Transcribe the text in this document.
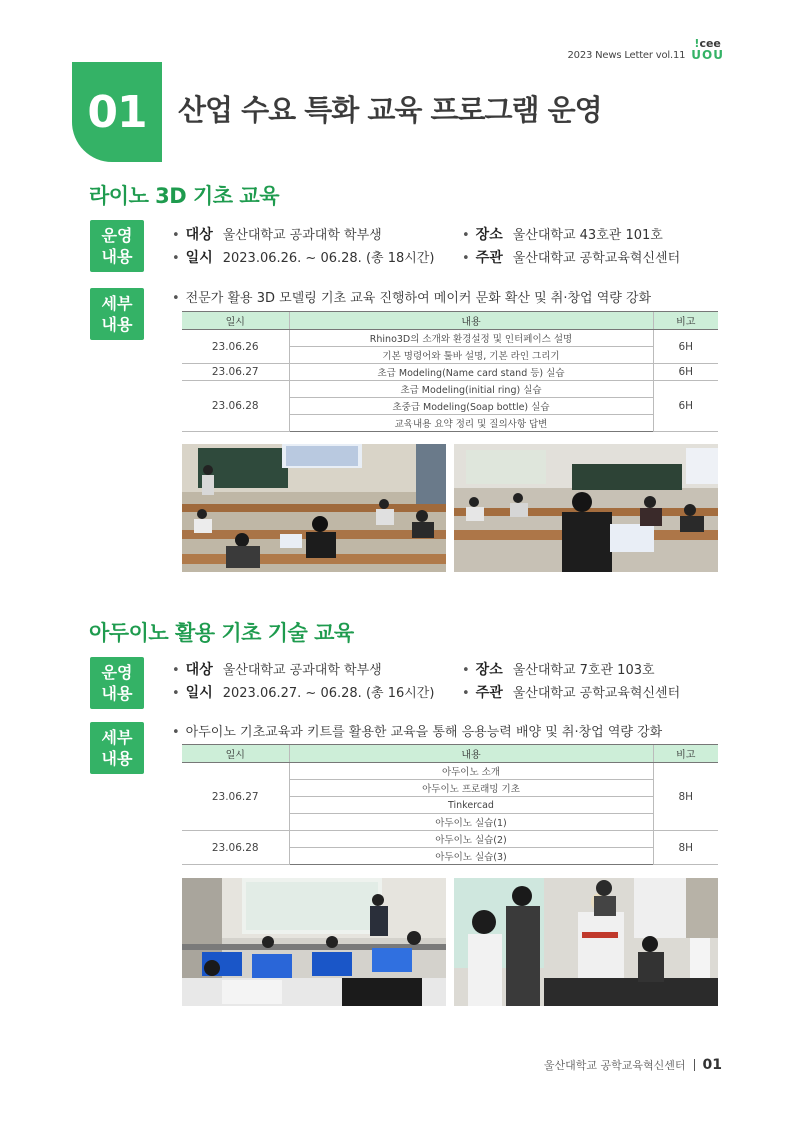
2023 News Letter vol.11
!cee
UOU
01	산업 수요 특화 교육 프로그램 운영
라이노 3D 기초 교육
운영
내용
• 대상 울산대학교 공과대학 학부생
• 일시 2023.06.26. ~ 06.28. (총 18시간)
• 장소 울산대학교 43호관 101호
• 주관 울산대학교 공학교육혁신센터
세부
내용
• 전문가 활용 3D 모델링 기초 교육 진행하여 메이커 문화 확산 및 취·창업 역량 강화
일시	내용	비고
23.06.26	Rhino3D의 소개와 환경설정 및 인터페이스 설명	6H
	기본 명령어와 툴바 설명, 기본 라인 그리기	
23.06.27	초급 Modeling(Name card stand 등) 실습	6H
23.06.28	초급 Modeling(initial ring) 실습	6H
	초중급 Modeling(Soap bottle) 실습	
	교육내용 요약 정리 및 질의사항 답변	
아두이노 활용 기초 기술 교육
운영
내용
• 대상 울산대학교 공과대학 학부생
• 일시 2023.06.27. ~ 06.28. (총 16시간)
• 장소 울산대학교 7호관 103호
• 주관 울산대학교 공학교육혁신센터
세부
내용
• 아두이노 기초교육과 키트를 활용한 교육을 통해 응용능력 배양 및 취·창업 역량 강화
일시	내용	비고
23.06.27	아두이노 소개	8H
	아두이노 프로래밍 기초	
	Tinkercad	
	아두이노 실습(1)	
23.06.28	아두이노 실습(2)	8H
	아두이노 실습(3)	
울산대학교 공학교육혁신센터 01
